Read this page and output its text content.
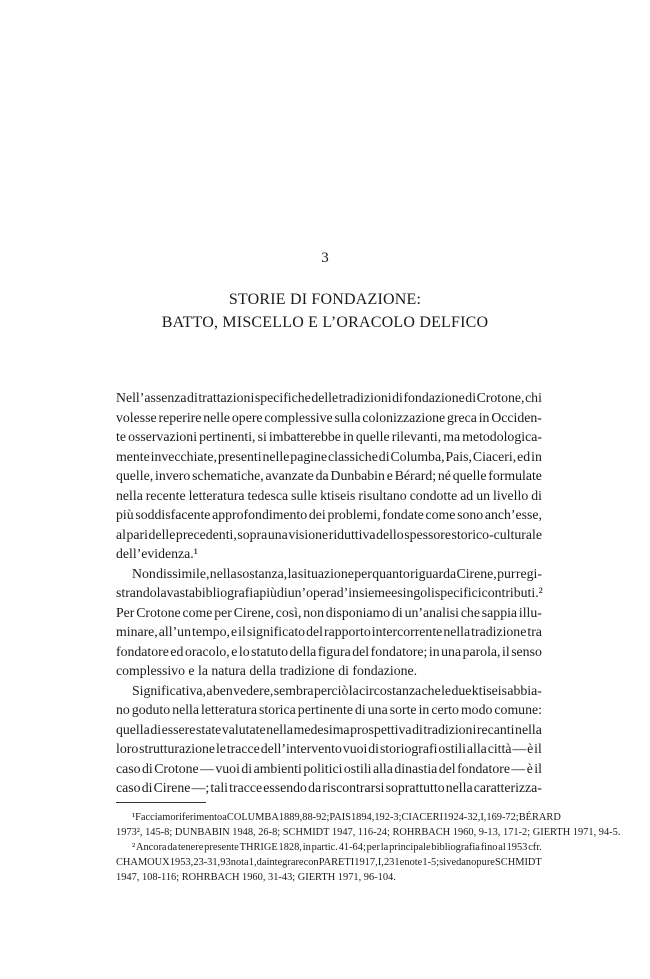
3
STORIE DI FONDAZIONE:
BATTO, MISCELLO E L’ORACOLO DELFICO
Nell’assenza di trattazioni specifiche delle tradizioni di fondazione di Crotone, chi
volesse reperire nelle opere complessive sulla colonizzazione greca in Occiden-
te osservazioni pertinenti, si imbatterebbe in quelle rilevanti, ma metodologica-
mente invecchiate, presenti nelle pagine classiche di Columba, Pais, Ciaceri, ed in
quelle, invero schematiche, avanzate da Dunbabin e Bérard; né quelle formulate
nella recente letteratura tedesca sulle ktiseis risultano condotte ad un livello di
più soddisfacente approfondimento dei problemi, fondate come sono anch’esse,
al pari delle precedenti, sopra una visione riduttiva dello spessore storico-culturale
dell’evidenza.¹
Non dissimile, nella sostanza, la situazione per quanto riguarda Cirene, pur regi-
strando la vasta bibliografia più di un’opera d’insieme e singoli specifici contributi.²
Per Crotone come per Cirene, così, non disponiamo di un’analisi che sappia illu-
minare, all’un tempo, e il significato del rapporto intercorrente nella tradizione tra
fondatore ed oracolo, e lo statuto della figura del fondatore; in una parola, il senso
complessivo e la natura della tradizione di fondazione.
Significativa, a ben vedere, sembra perciò la circostanza che le due ktiseis abbia-
no goduto nella letteratura storica pertinente di una sorte in certo modo comune:
quella di essere state valutate nella medesima prospettiva di tradizioni recanti nella
loro strutturazione le tracce dell’intervento vuoi di storiografi ostili alla città — è il
caso di Crotone — vuoi di ambienti politici ostili alla dinastia del fondatore — è il
caso di Cirene —; tali tracce essendo da riscontrarsi soprattutto nella caratterizza-
¹ Facciamo riferimento a COLUMBA 1889, 88-92; PAIS 1894, 192-3; CIACERI 1924-32, I, 169-72; BÉRARD
1973², 145-8; DUNBABIN 1948, 26-8; SCHMIDT 1947, 116-24; ROHRBACH 1960, 9-13, 171-2; GIERTH 1971, 94-5.
² Ancora da tenere presente THRIGE 1828, in partic. 41-64; per la principale bibliografia fino al 1953 cfr.
CHAMOUX 1953, 23-31, 93 nota 1, da integrare con PARETI 1917, I, 231 e note 1-5; si vedano pure SCHMIDT
1947, 108-116; ROHRBACH 1960, 31-43; GIERTH 1971, 96-104.
